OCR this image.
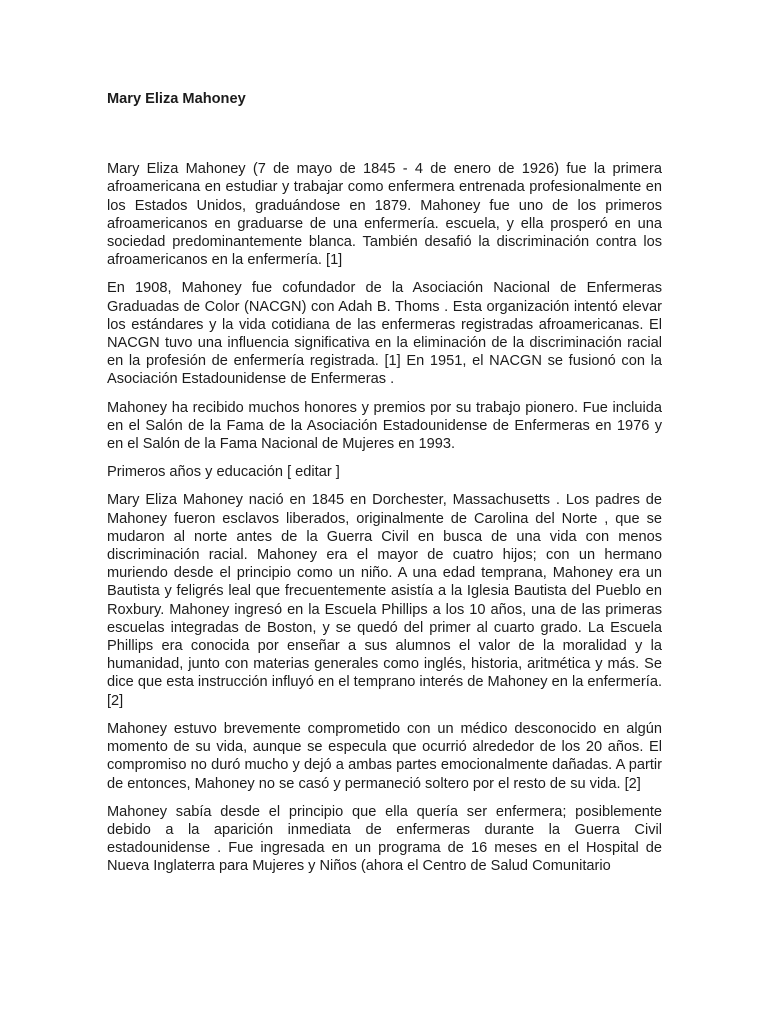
Mary Eliza Mahoney

Mary Eliza Mahoney (7 de mayo de 1845 - 4 de enero de 1926) fue la primera afroamericana en estudiar y trabajar como enfermera entrenada profesionalmente en los Estados Unidos, graduándose en 1879. Mahoney fue uno de los primeros afroamericanos en graduarse de una enfermería. escuela, y ella prosperó en una sociedad predominantemente blanca. También desafió la discriminación contra los afroamericanos en la enfermería. [1]

En 1908, Mahoney fue cofundador de la Asociación Nacional de Enfermeras Graduadas de Color (NACGN) con Adah B. Thoms . Esta organización intentó elevar los estándares y la vida cotidiana de las enfermeras registradas afroamericanas. El NACGN tuvo una influencia significativa en la eliminación de la discriminación racial en la profesión de enfermería registrada. [1] En 1951, el NACGN se fusionó con la Asociación Estadounidense de Enfermeras .

Mahoney ha recibido muchos honores y premios por su trabajo pionero. Fue incluida en el Salón de la Fama de la Asociación Estadounidense de Enfermeras en 1976 y en el Salón de la Fama Nacional de Mujeres en 1993.

Primeros años y educación [ editar ]

Mary Eliza Mahoney nació en 1845 en Dorchester, Massachusetts . Los padres de Mahoney fueron esclavos liberados, originalmente de Carolina del Norte , que se mudaron al norte antes de la Guerra Civil en busca de una vida con menos discriminación racial. Mahoney era el mayor de cuatro hijos; con un hermano muriendo desde el principio como un niño. A una edad temprana, Mahoney era un Bautista y feligrés leal que frecuentemente asistía a la Iglesia Bautista del Pueblo en Roxbury. Mahoney ingresó en la Escuela Phillips a los 10 años, una de las primeras escuelas integradas de Boston, y se quedó del primer al cuarto grado. La Escuela Phillips era conocida por enseñar a sus alumnos el valor de la moralidad y la humanidad, junto con materias generales como inglés, historia, aritmética y más. Se dice que esta instrucción influyó en el temprano interés de Mahoney en la enfermería. [2]

Mahoney estuvo brevemente comprometido con un médico desconocido en algún momento de su vida, aunque se especula que ocurrió alrededor de los 20 años. El compromiso no duró mucho y dejó a ambas partes emocionalmente dañadas. A partir de entonces, Mahoney no se casó y permaneció soltero por el resto de su vida. [2]

Mahoney sabía desde el principio que ella quería ser enfermera; posiblemente debido a la aparición inmediata de enfermeras durante la Guerra Civil estadounidense . Fue ingresada en un programa de 16 meses en el Hospital de Nueva Inglaterra para Mujeres y Niños (ahora el Centro de Salud Comunitario
